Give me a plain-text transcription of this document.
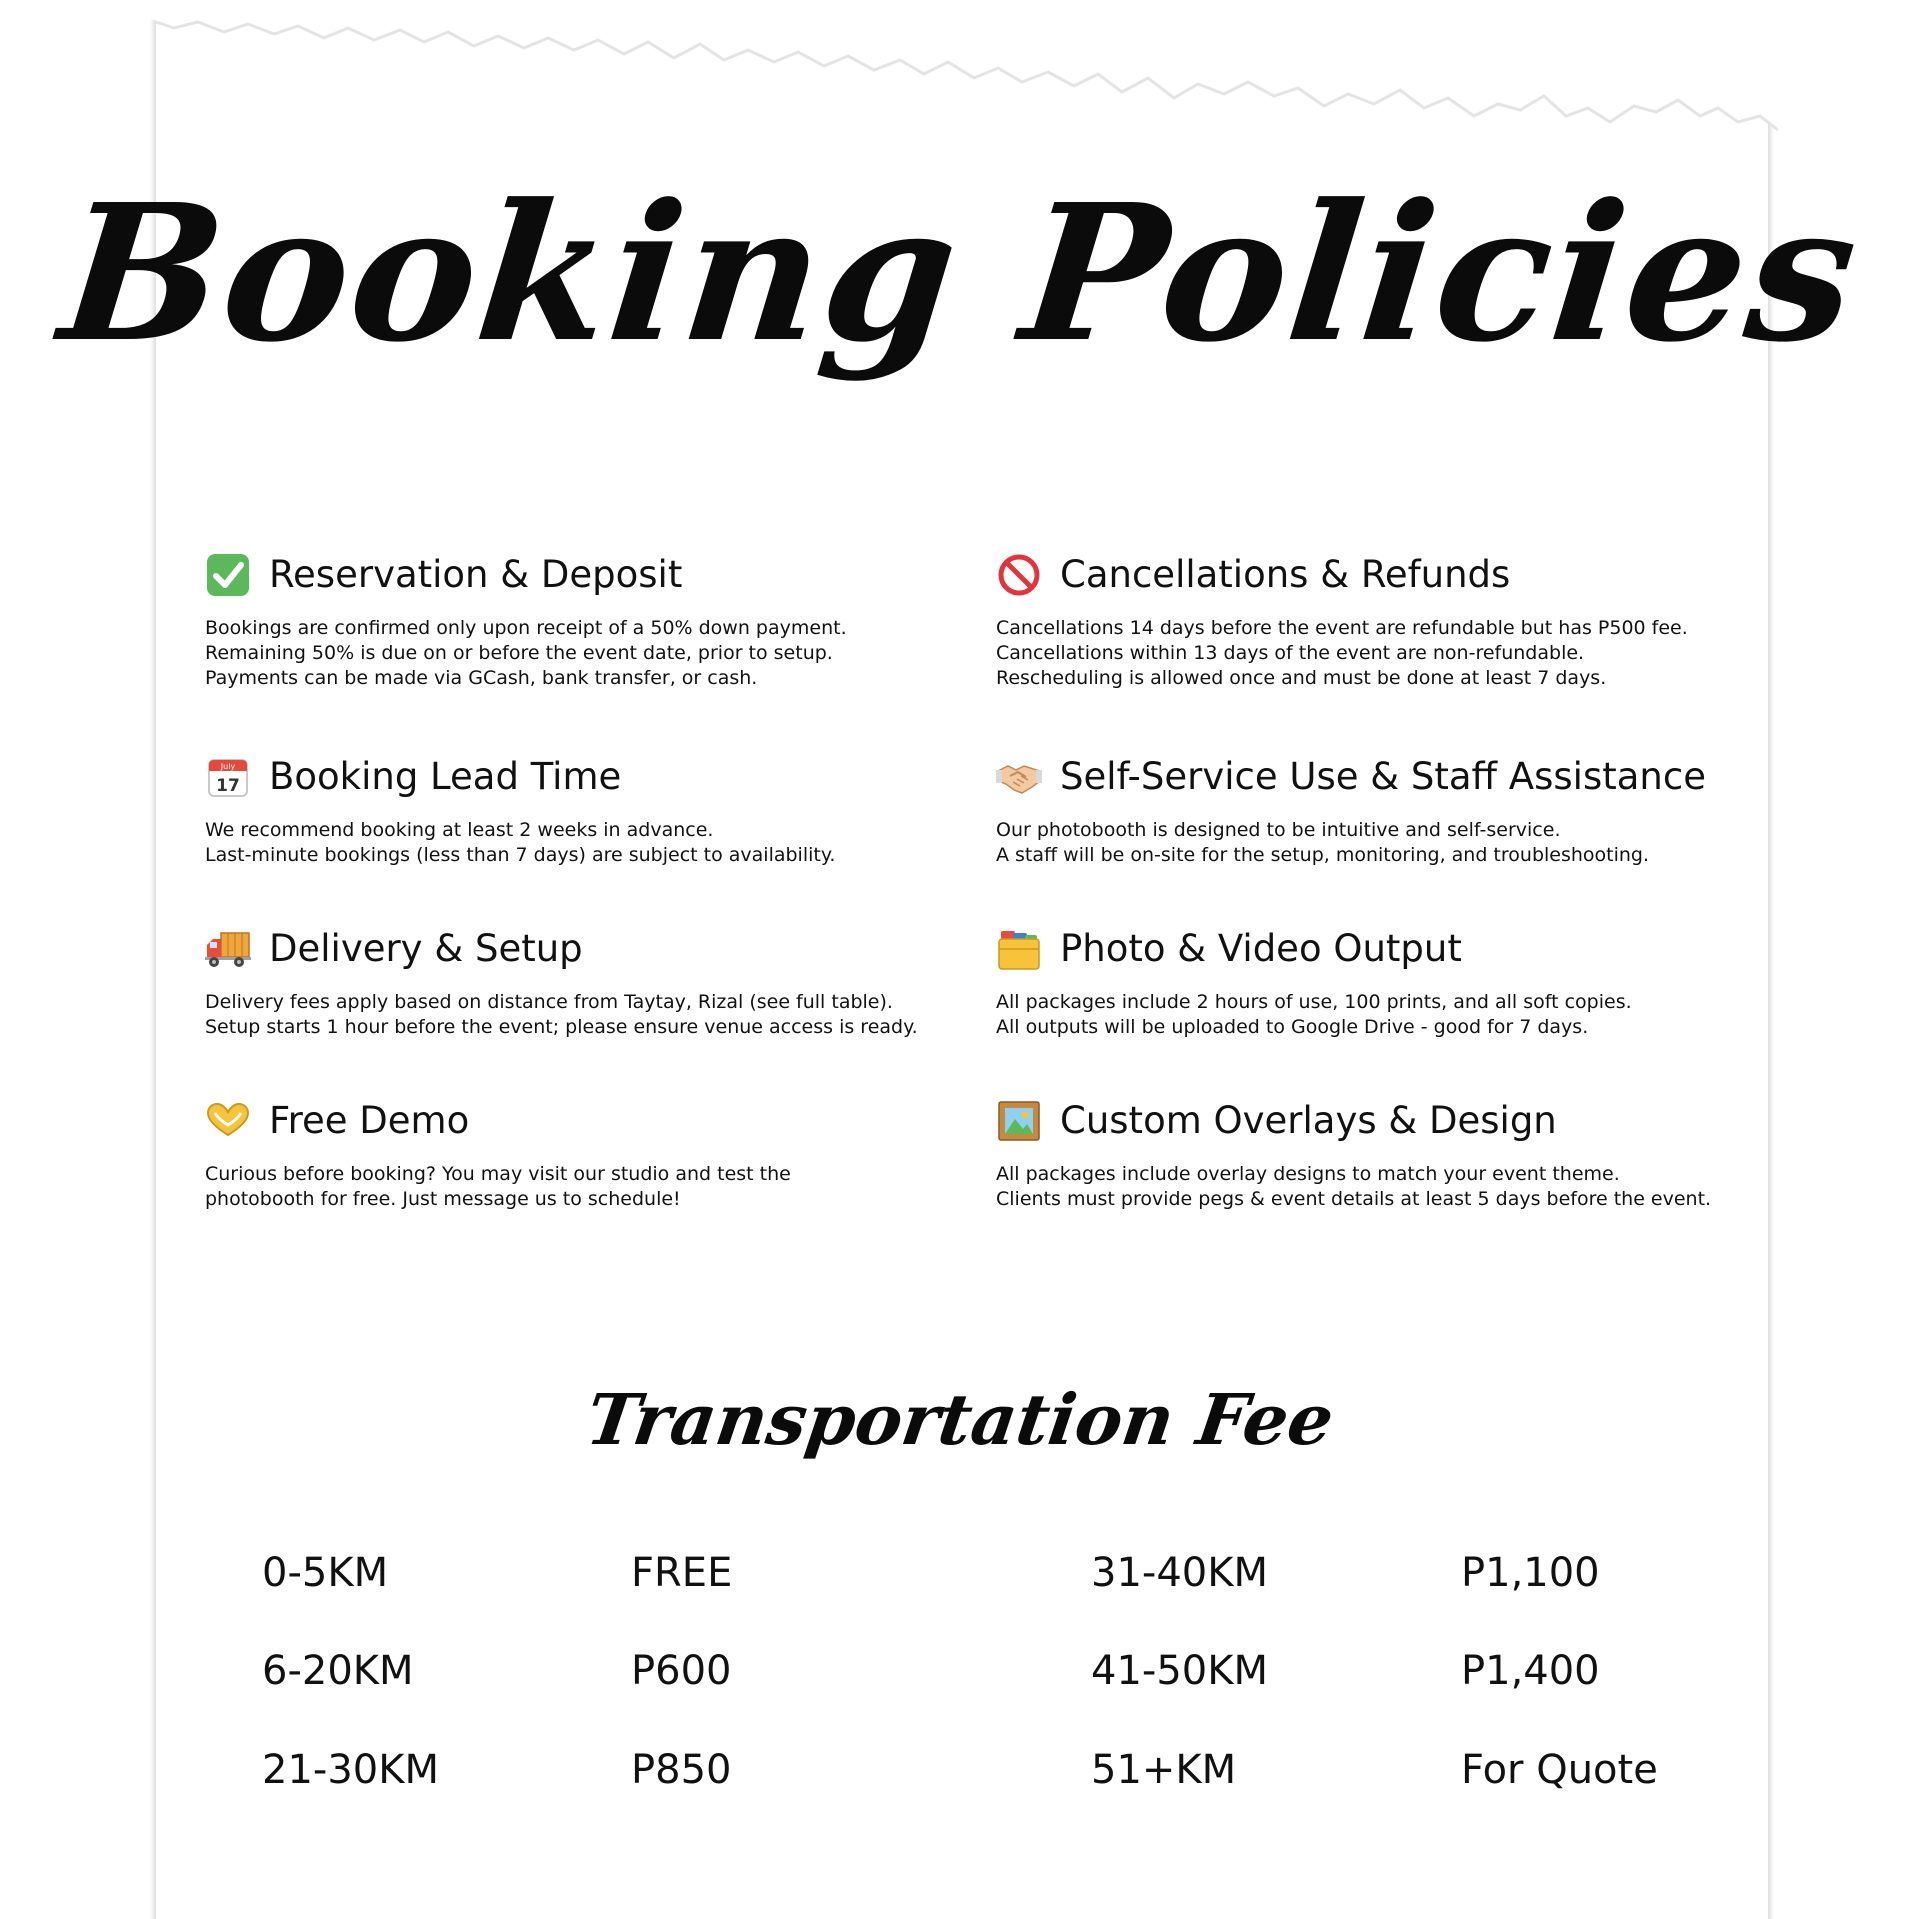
Booking Policies
Reservation & Deposit
Bookings are confirmed only upon receipt of a 50% down payment.
Remaining 50% is due on or before the event date, prior to setup.
Payments can be made via GCash, bank transfer, or cash.
Cancellations & Refunds
Cancellations 14 days before the event are refundable but has P500 fee.
Cancellations within 13 days of the event are non-refundable.
Rescheduling is allowed once and must be done at least 7 days.
July
17 Booking Lead Time
We recommend booking at least 2 weeks in advance.
Last-minute bookings (less than 7 days) are subject to availability.
Self-Service Use & Staff Assistance
Our photobooth is designed to be intuitive and self-service.
A staff will be on-site for the setup, monitoring, and troubleshooting.
Delivery & Setup
Delivery fees apply based on distance from Taytay, Rizal (see full table).
Setup starts 1 hour before the event; please ensure venue access is ready.
Photo & Video Output
All packages include 2 hours of use, 100 prints, and all soft copies.
All outputs will be uploaded to Google Drive - good for 7 days.
Free Demo
Curious before booking? You may visit our studio and test the
photobooth for free. Just message us to schedule!
Custom Overlays & Design
All packages include overlay designs to match your event theme.
Clients must provide pegs & event details at least 5 days before the event.
Transportation Fee
0-5KM	FREE
6-20KM	P600
21-30KM	P850
31-40KM	P1,100
41-50KM	P1,400
51+KM	For Quote
